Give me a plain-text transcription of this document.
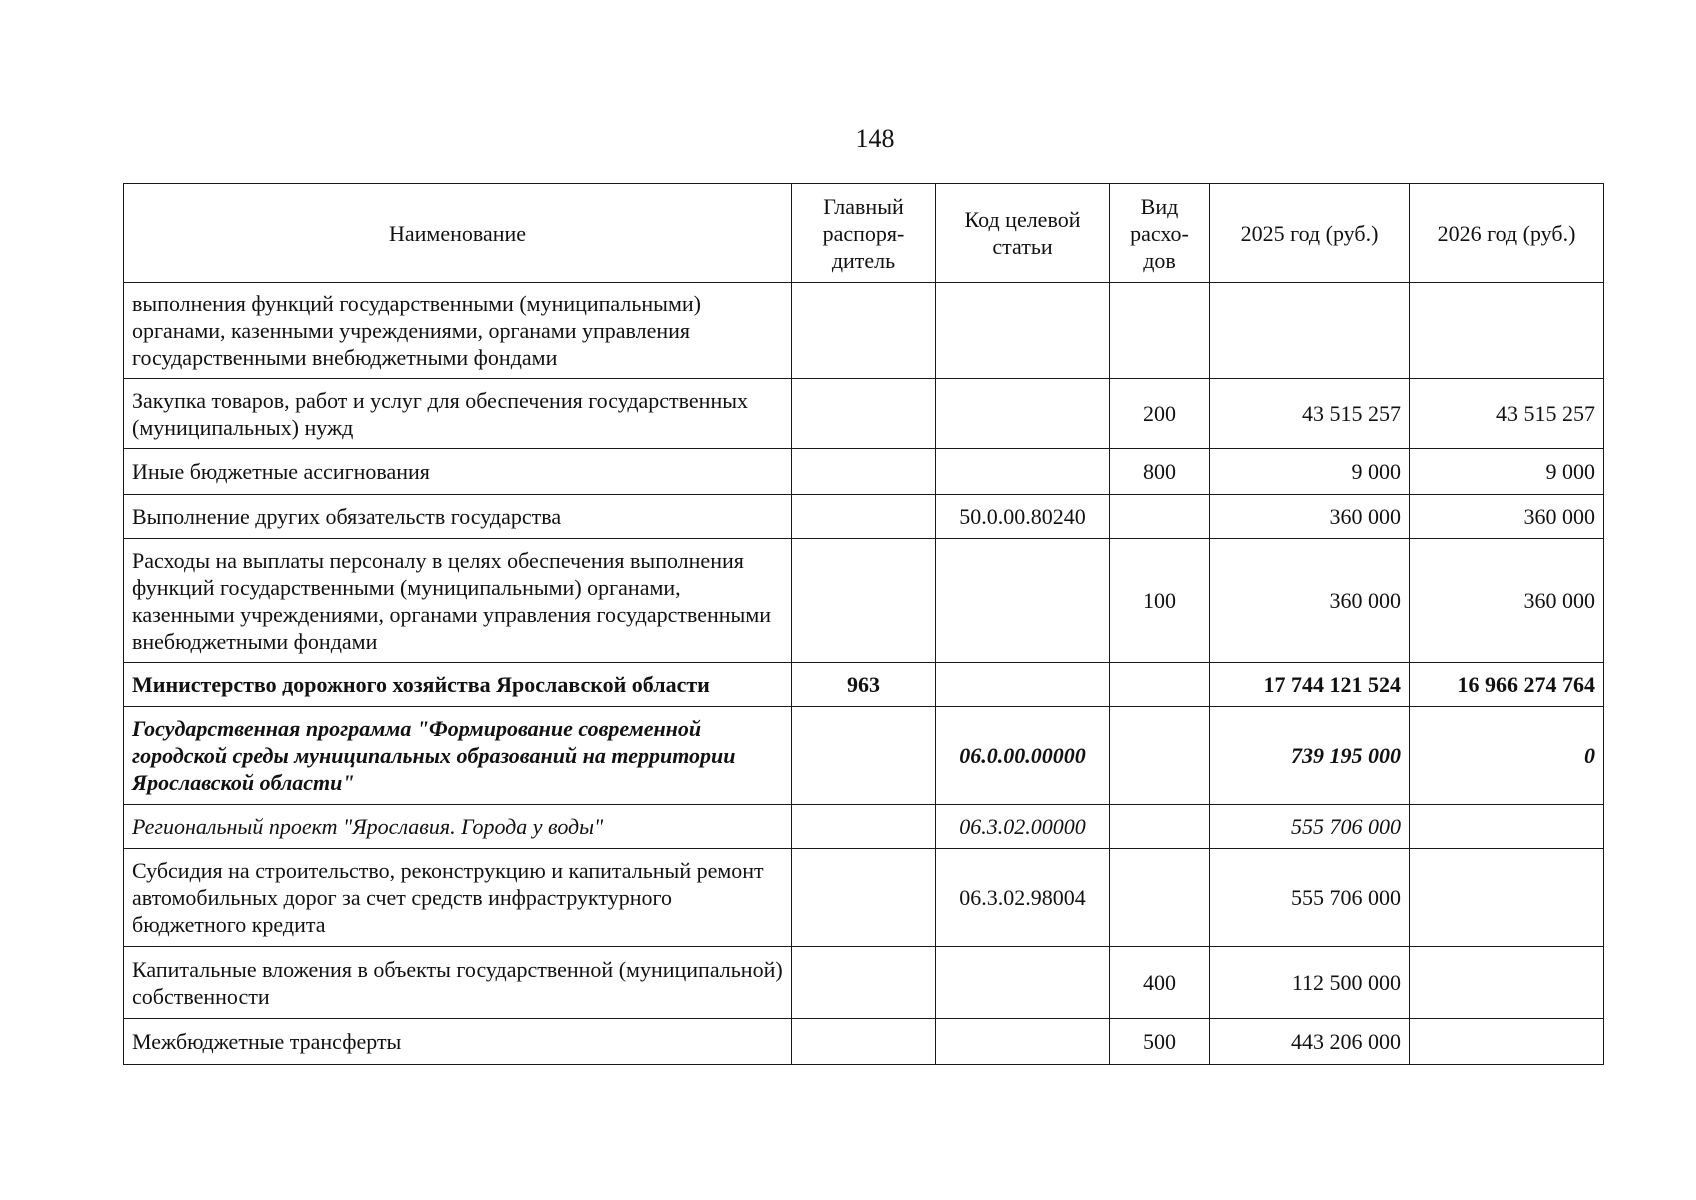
148
Наименование	Главный распоря-дитель	Код целевой статьи	Вид расхо-дов	2025 год (руб.)	2026 год (руб.)
выполнения функций государственными (муниципальными) органами, казенными учреждениями, органами управления государственными внебюджетными фондами					
Закупка товаров, работ и услуг для обеспечения государственных (муниципальных) нужд			200	43 515 257	43 515 257
Иные бюджетные ассигнования			800	9 000	9 000
Выполнение других обязательств государства		50.0.00.80240		360 000	360 000
Расходы на выплаты персоналу в целях обеспечения выполнения функций государственными (муниципальными) органами, казенными учреждениями, органами управления государственными внебюджетными фондами			100	360 000	360 000
Министерство дорожного хозяйства Ярославской области	963			17 744 121 524	16 966 274 764
Государственная программа "Формирование современной городской среды муниципальных образований на территории Ярославской области"		06.0.00.00000		739 195 000	0
Региональный проект "Ярославия. Города у воды"		06.3.02.00000		555 706 000	
Субсидия на строительство, реконструкцию и капитальный ремонт автомобильных дорог за счет средств инфраструктурного бюджетного кредита		06.3.02.98004		555 706 000	
Капитальные вложения в объекты государственной (муниципальной) собственности			400	112 500 000	
Межбюджетные трансферты			500	443 206 000	
